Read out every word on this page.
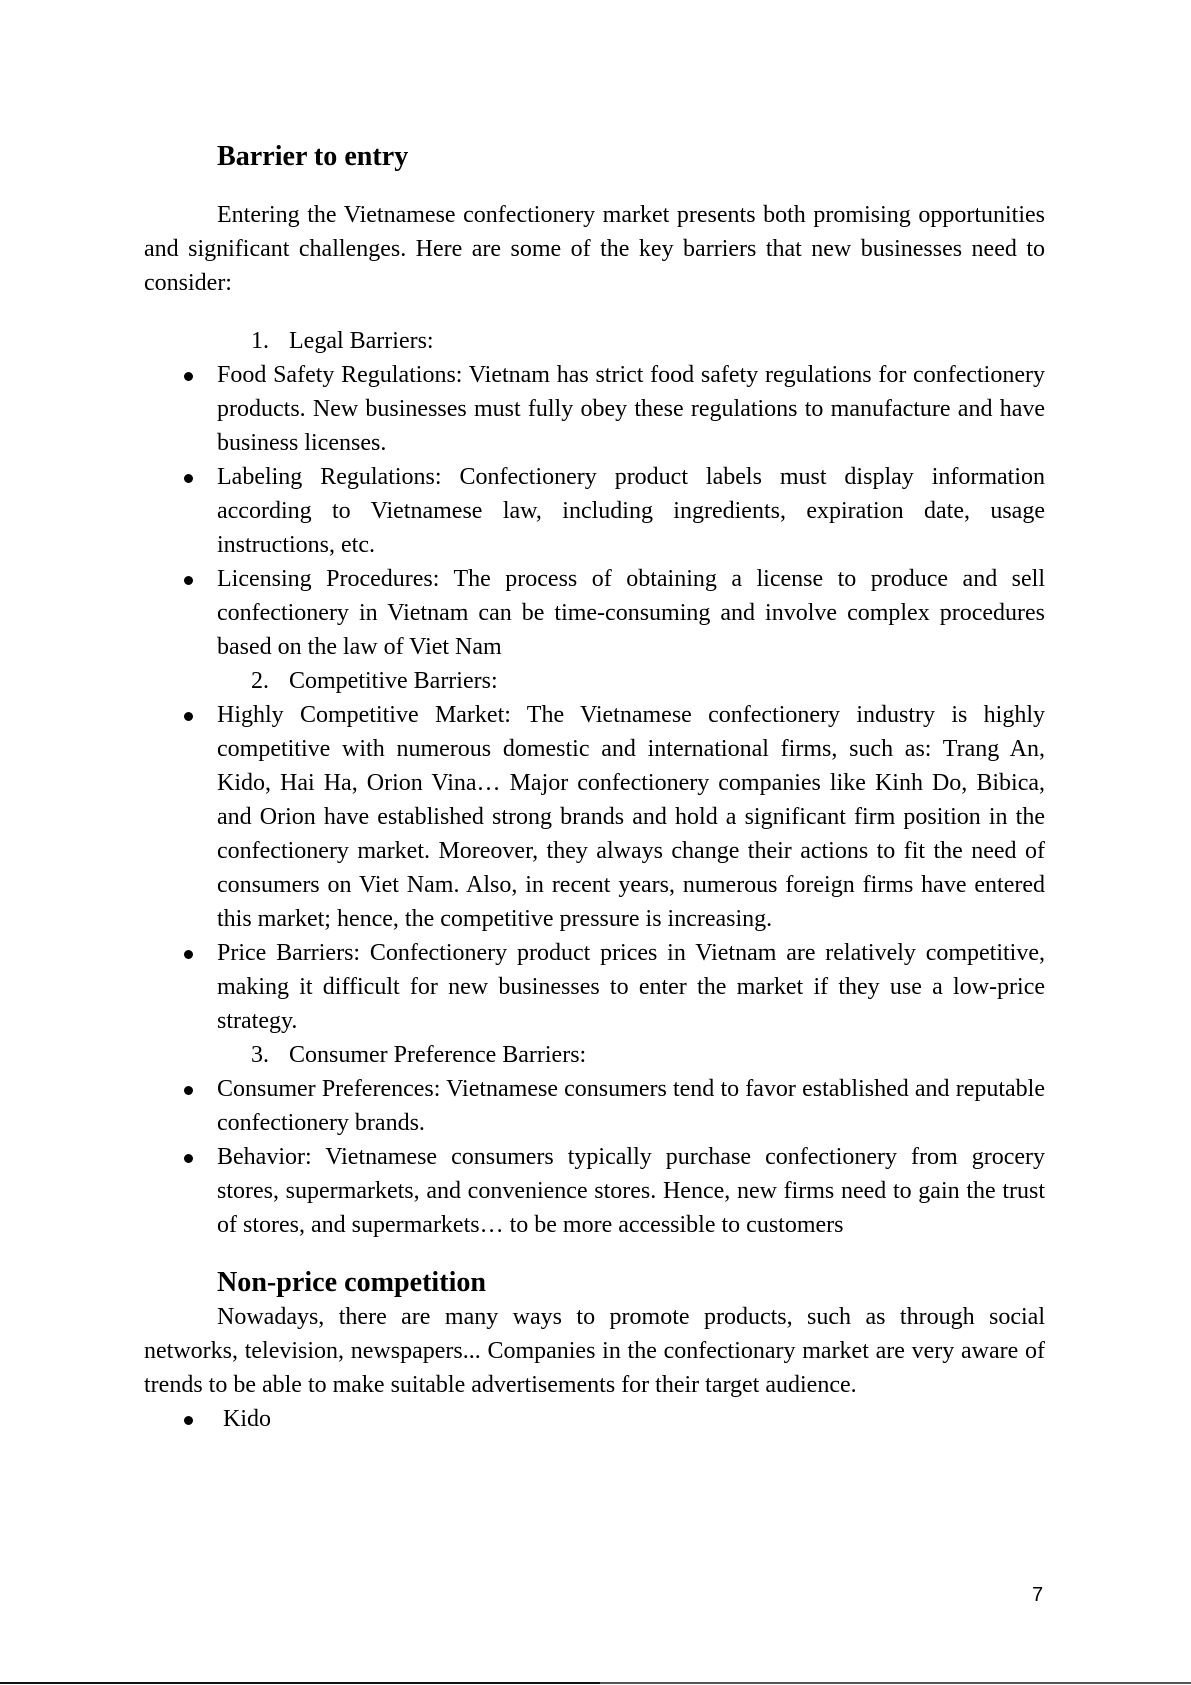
Barrier to entry

Entering the Vietnamese confectionery market presents both promising opportunities and significant challenges. Here are some of the key barriers that new businesses need to consider:

1. Legal Barriers:

Food Safety Regulations: Vietnam has strict food safety regulations for confectionery products. New businesses must fully obey these regulations to manufacture and have business licenses.

Labeling Regulations: Confectionery product labels must display information according to Vietnamese law, including ingredients, expiration date, usage instructions, etc.

Licensing Procedures: The process of obtaining a license to produce and sell confectionery in Vietnam can be time-consuming and involve complex procedures based on the law of Viet Nam

2. Competitive Barriers:

Highly Competitive Market: The Vietnamese confectionery industry is highly competitive with numerous domestic and international firms, such as: Trang An, Kido, Hai Ha, Orion Vina… Major confectionery companies like Kinh Do, Bibica, and Orion have established strong brands and hold a significant firm position in the confectionery market. Moreover, they always change their actions to fit the need of consumers on Viet Nam. Also, in recent years, numerous foreign firms have entered this market; hence, the competitive pressure is increasing.

Price Barriers: Confectionery product prices in Vietnam are relatively competitive, making it difficult for new businesses to enter the market if they use a low-price strategy.

3. Consumer Preference Barriers:

Consumer Preferences: Vietnamese consumers tend to favor established and reputable confectionery brands.

Behavior: Vietnamese consumers typically purchase confectionery from grocery stores, supermarkets, and convenience stores. Hence, new firms need to gain the trust of stores, and supermarkets… to be more accessible to customers

Non-price competition

Nowadays, there are many ways to promote products, such as through social networks, television, newspapers... Companies in the confectionary market are very aware of trends to be able to make suitable advertisements for their target audience.

Kido

7
